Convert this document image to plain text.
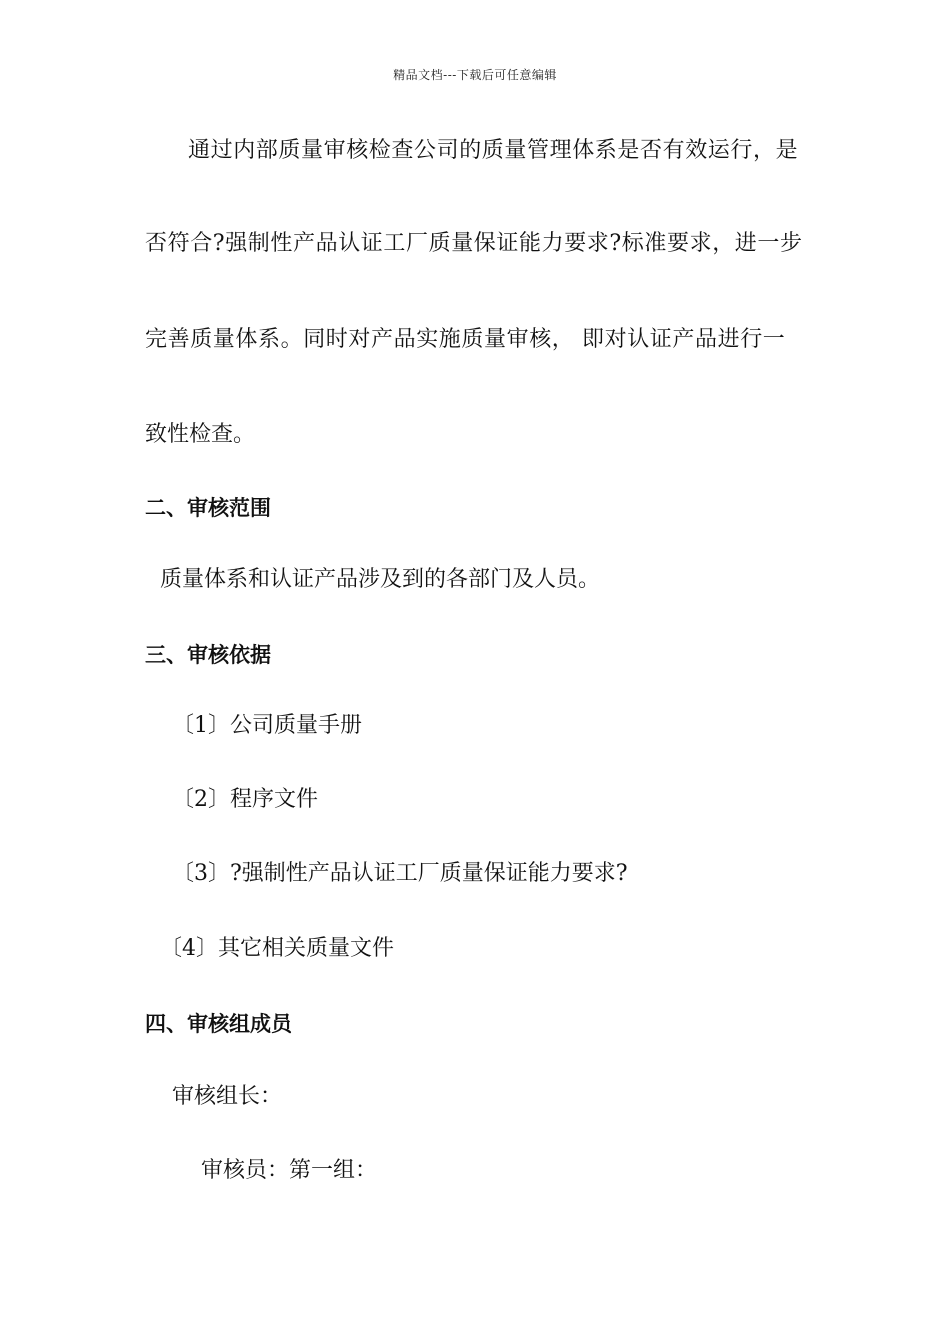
精品文档---下载后可任意编辑
通过内部质量审核检查公司的质量管理体系是否有效运行，是
否符合?强制性产品认证工厂质量保证能力要求?标准要求，进一步
完善质量体系。同时对产品实施质量审核， 即对认证产品进行一
致性检查。
二、审核范围
质量体系和认证产品涉及到的各部门及人员。
三、审核依据
〔1〕公司质量手册
〔2〕程序文件
〔3〕?强制性产品认证工厂质量保证能力要求?
〔4〕其它相关质量文件
四、审核组成员
审核组长：
审核员：第一组：
